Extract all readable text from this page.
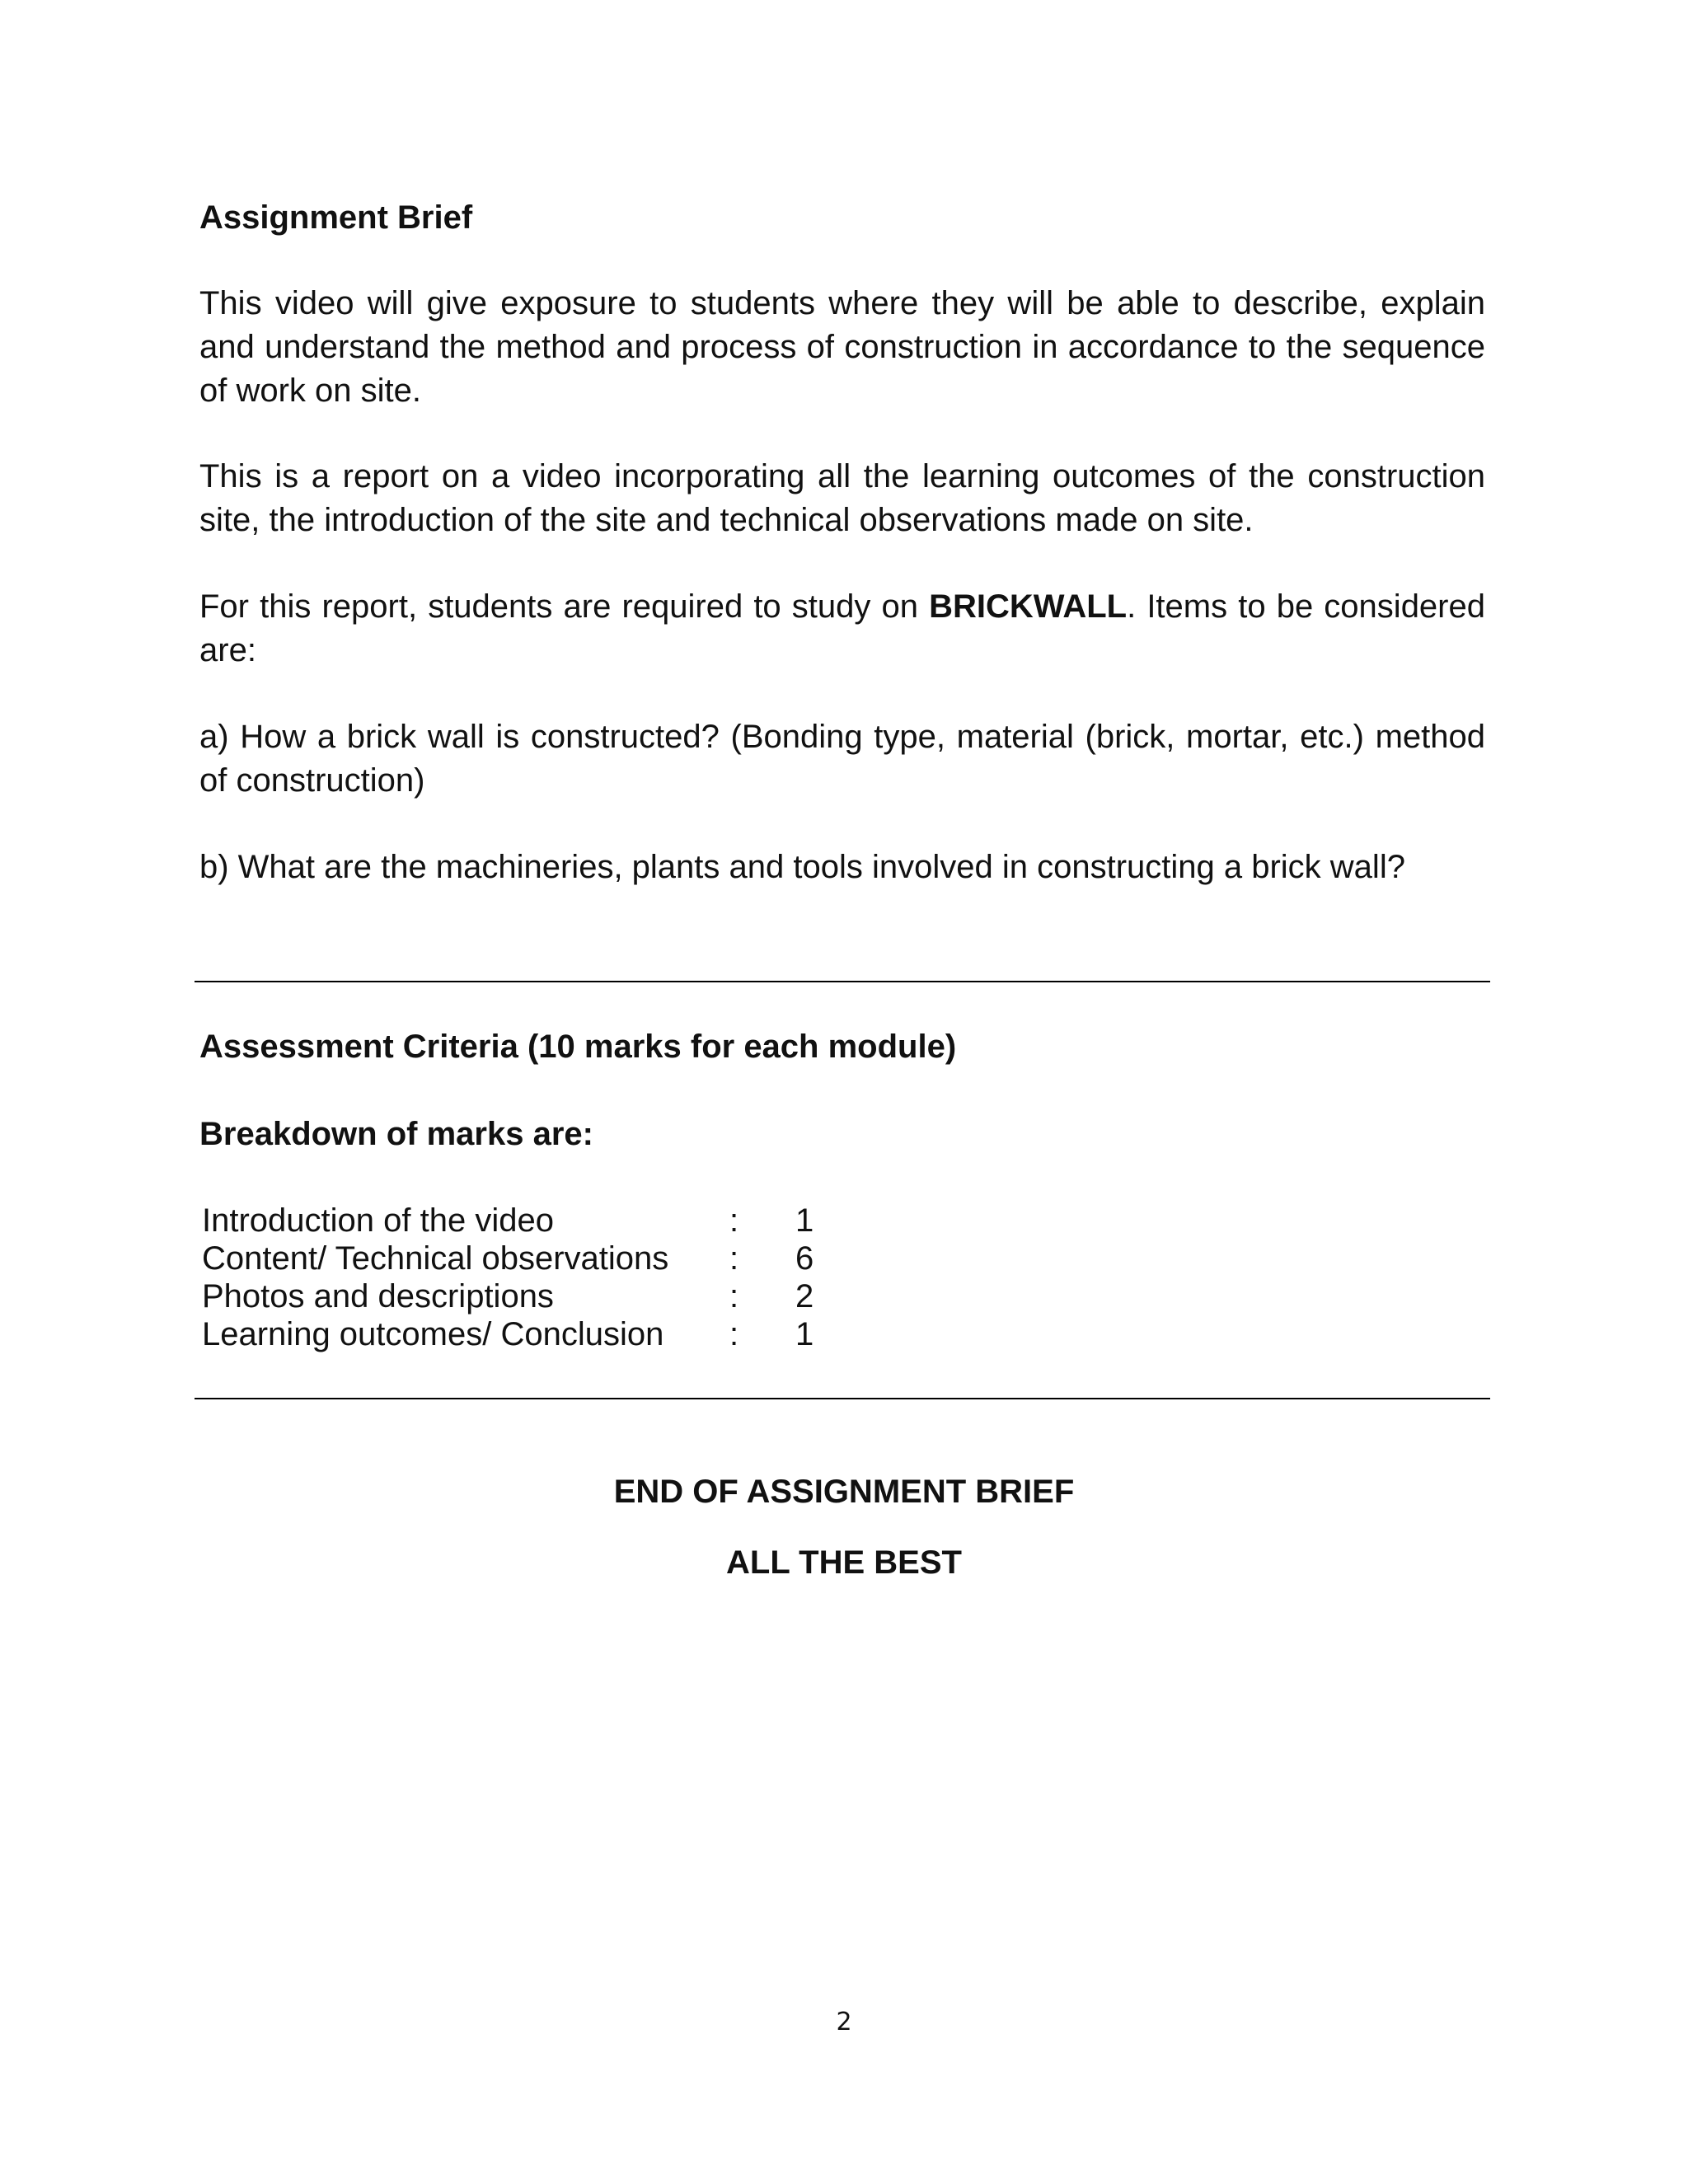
Assignment Brief
This video will give exposure to students where they will be able to describe, explain and understand the method and process of construction in accordance to the sequence of work on site.
This is a report on a video incorporating all the learning outcomes of the construction site, the introduction of the site and technical observations made on site.
For this report, students are required to study on BRICKWALL. Items to be considered are:
a) How a brick wall is constructed? (Bonding type, material (brick, mortar, etc.) method of construction)
b) What are the machineries, plants and tools involved in constructing a brick wall?
Assessment Criteria (10 marks for each module)
Breakdown of marks are:
Introduction of the video	: 1
Content/ Technical observations : 6
Photos and descriptions	: 2
Learning outcomes/ Conclusion : 1
END OF ASSIGNMENT BRIEF
ALL THE BEST
2
